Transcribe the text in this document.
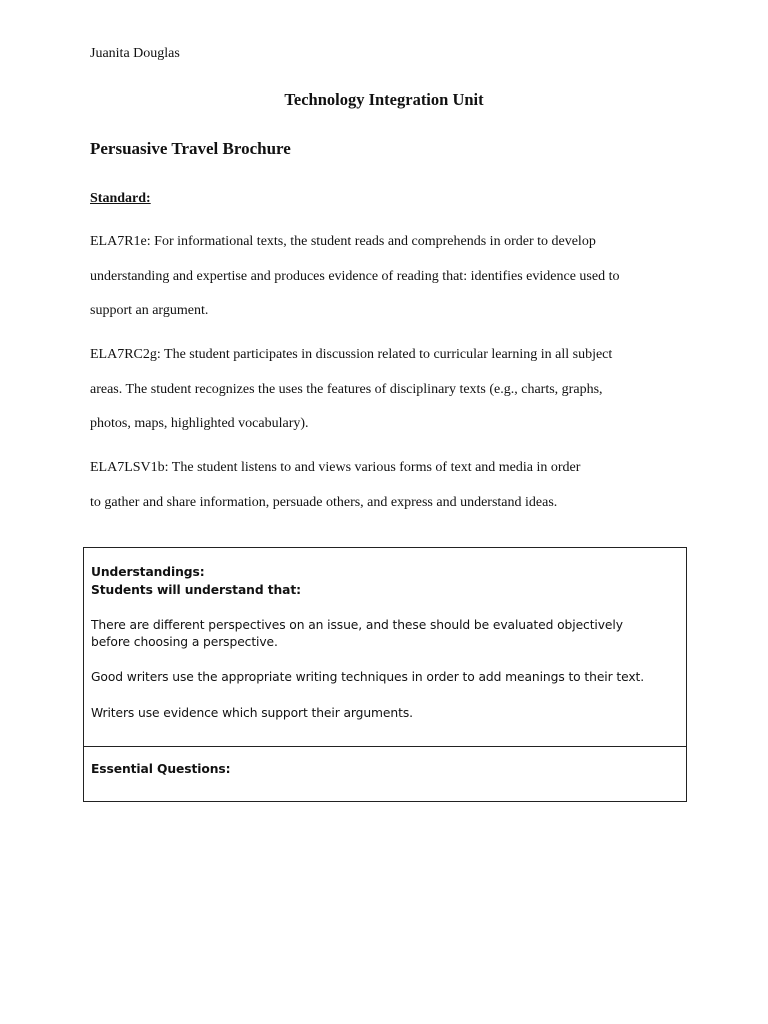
Juanita Douglas
Technology Integration Unit
Persuasive Travel Brochure
Standard:
ELA7R1e: For informational texts, the student reads and comprehends in order to develop
understanding and expertise and produces evidence of reading that: identifies evidence used to
support an argument.
ELA7RC2g: The student participates in discussion related to curricular learning in all subject
areas. The student recognizes the uses the features of disciplinary texts (e.g., charts, graphs,
photos, maps, highlighted vocabulary).
ELA7LSV1b: The student listens to and views various forms of text and media in order
to gather and share information, persuade others, and express and understand ideas.
Understandings:
Students will understand that:
There are different perspectives on an issue, and these should be evaluated objectively
before choosing a perspective.
Good writers use the appropriate writing techniques in order to add meanings to their text.
Writers use evidence which support their arguments.
Essential Questions:
